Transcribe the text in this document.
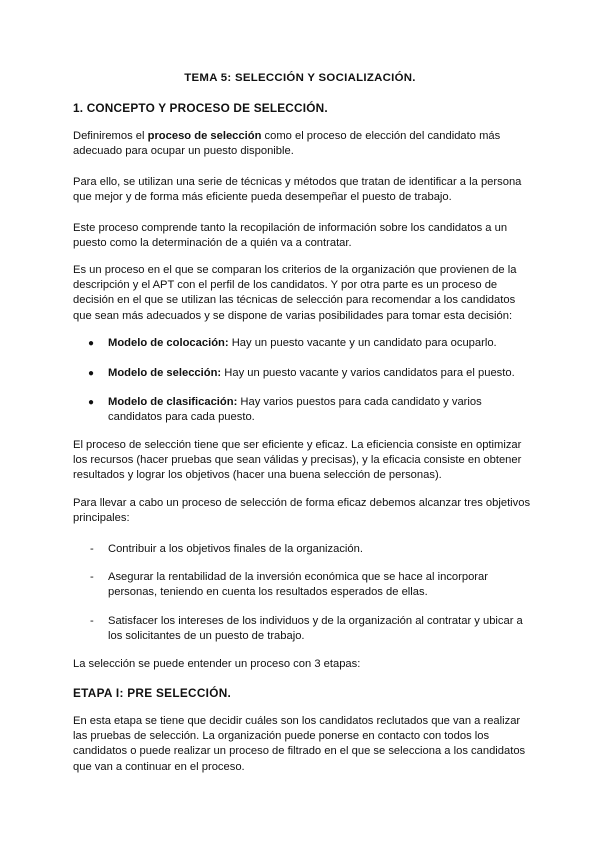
TEMA 5: SELECCIÓN Y SOCIALIZACIÓN.
1. CONCEPTO Y PROCESO DE SELECCIÓN.

Definiremos el proceso de selección como el proceso de elección del candidato más adecuado para ocupar un puesto disponible.

Para ello, se utilizan una serie de técnicas y métodos que tratan de identificar a la persona que mejor y de forma más eficiente pueda desempeñar el puesto de trabajo.

Este proceso comprende tanto la recopilación de información sobre los candidatos a un puesto como la determinación de a quién va a contratar.

Es un proceso en el que se comparan los criterios de la organización que provienen de la descripción y el APT con el perfil de los candidatos. Y por otra parte es un proceso de decisión en el que se utilizan las técnicas de selección para recomendar a los candidatos que sean más adecuados y se dispone de varias posibilidades para tomar esta decisión:

● Modelo de colocación: Hay un puesto vacante y un candidato para ocuparlo.
● Modelo de selección: Hay un puesto vacante y varios candidatos para el puesto.
● Modelo de clasificación: Hay varios puestos para cada candidato y varios candidatos para cada puesto.

El proceso de selección tiene que ser eficiente y eficaz. La eficiencia consiste en optimizar los recursos (hacer pruebas que sean válidas y precisas), y la eficacia consiste en obtener resultados y lograr los objetivos (hacer una buena selección de personas).

Para llevar a cabo un proceso de selección de forma eficaz debemos alcanzar tres objetivos principales:

- Contribuir a los objetivos finales de la organización.
- Asegurar la rentabilidad de la inversión económica que se hace al incorporar personas, teniendo en cuenta los resultados esperados de ellas.
- Satisfacer los intereses de los individuos y de la organización al contratar y ubicar a los solicitantes de un puesto de trabajo.

La selección se puede entender un proceso con 3 etapas:

ETAPA I: PRE SELECCIÓN.

En esta etapa se tiene que decidir cuáles son los candidatos reclutados que van a realizar las pruebas de selección. La organización puede ponerse en contacto con todos los candidatos o puede realizar un proceso de filtrado en el que se selecciona a los candidatos que van a continuar en el proceso.
